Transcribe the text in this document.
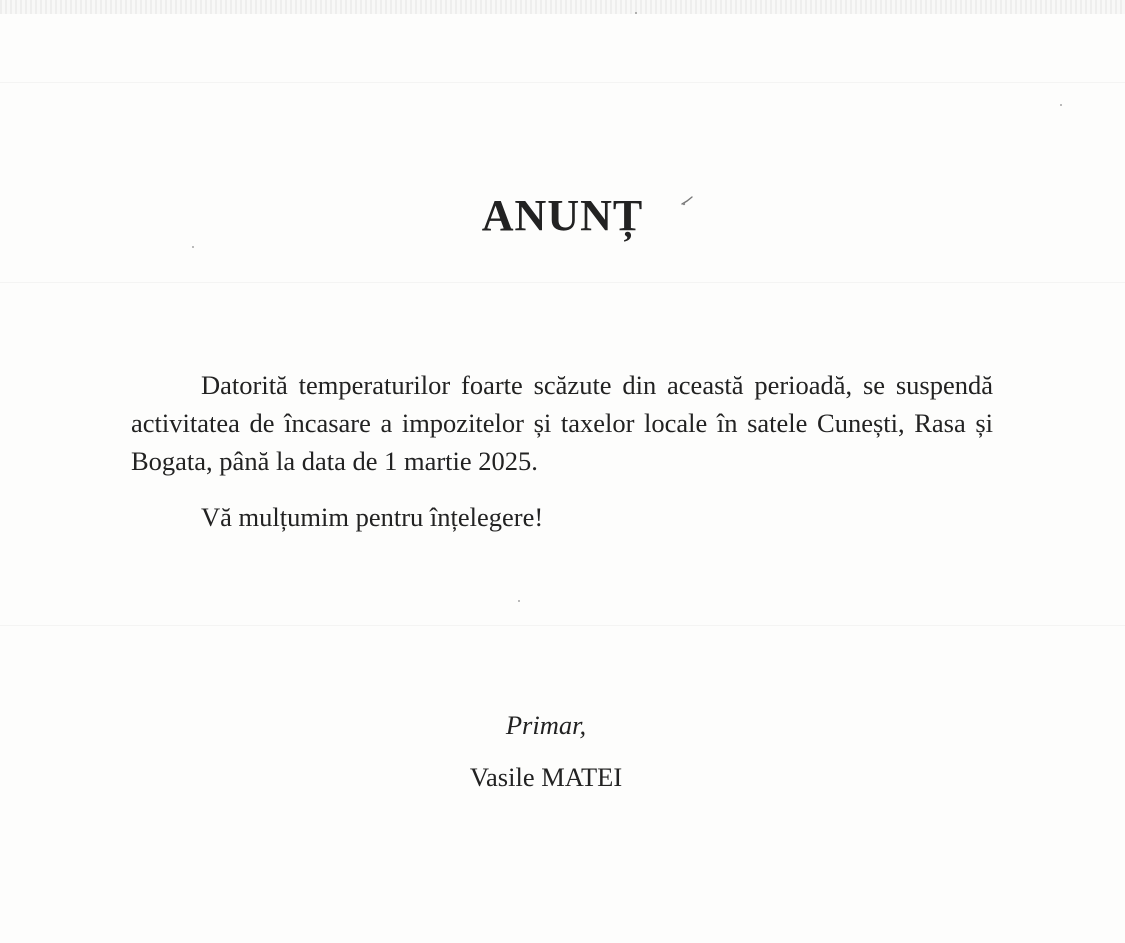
ANUNȚ

Datorită temperaturilor foarte scăzute din această perioadă, se suspendă activitatea de încasare a impozitelor și taxelor locale în satele Cunești, Rasa și Bogata, până la data de 1 martie 2025.

Vă mulțumim pentru înțelegere!

Primar,
Vasile MATEI
